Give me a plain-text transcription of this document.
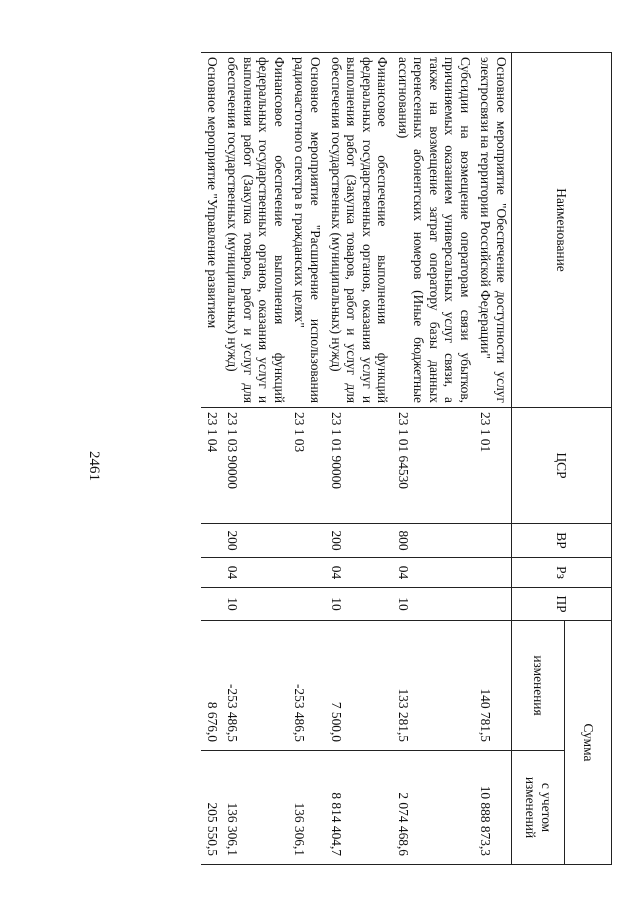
Наименование	ЦСР	ВР	Рз	ПР	Сумма	
					изменения	с учетом изменений
Основное мероприятие "Обеспечение доступности услуг электросвязи на территории Российской Федерации"	23 1 01				140 781,5	10 888 873,3
Субсидии на возмещение операторам связи убытков, причиняемых оказанием универсальных услуг связи, а также на возмещение затрат оператору базы данных перенесенных абонентских номеров (Иные бюджетные ассигнования)	23 1 01 64530	800	04	10	133 281,5	2 074 468,6
Финансовое обеспечение выполнения функций федеральных государственных органов, оказания услуг и выполнения работ (Закупка товаров, работ и услуг для обеспечения государственных (муниципальных) нужд)	23 1 01 90000	200	04	10	7 500,0	8 814 404,7
Основное мероприятие "Расширение использования радиочастотного спектра в гражданских целях"	23 1 03				-253 486,5	136 306,1
Финансовое обеспечение выполнения функций федеральных государственных органов, оказания услуг и выполнения работ (Закупка товаров, работ и услуг для обеспечения государственных (муниципальных) нужд)	23 1 03 90000	200	04	10	-253 486,5	136 306,1
Основное мероприятие "Управление развитием	23 1 04				8 676,0	205 550,5
2461
